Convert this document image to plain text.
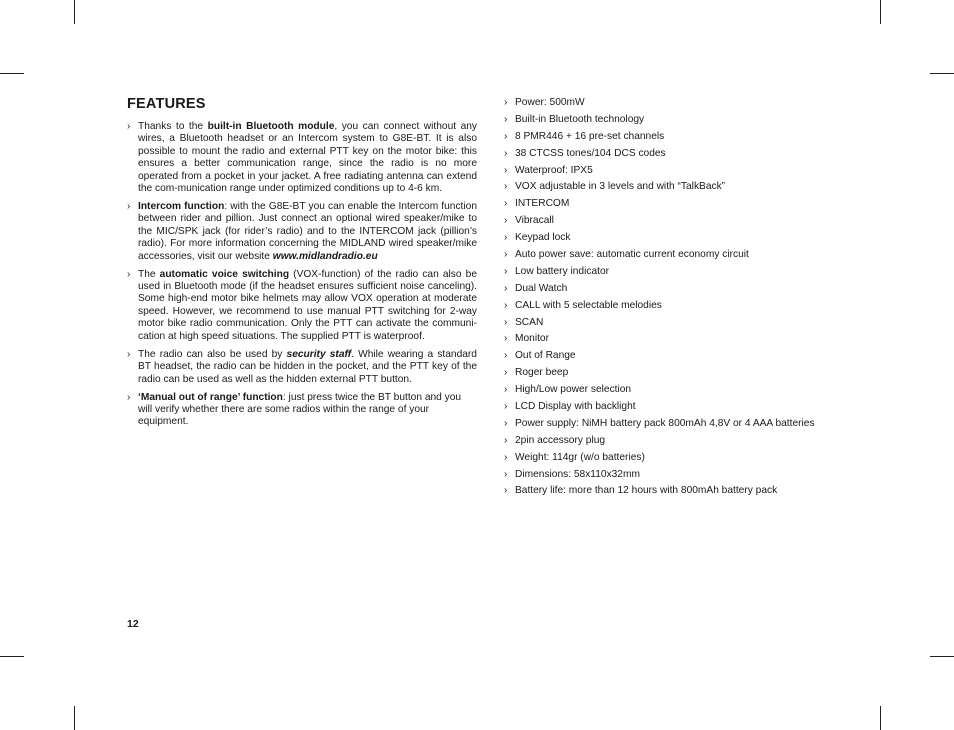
FEATURES
› Thanks to the built-in Bluetooth module, you can connect without any wires, a Bluetooth headset or an Intercom system to G8E-BT. It is also possible to mount the radio and external PTT key on the motor bike: this ensures a better communication range, since the radio is no more operated from a pocket in your jacket. A free radiating antenna can extend the com-munication range under optimized conditions up to 4-6 km.
› Intercom function: with the G8E-BT you can enable the Intercom function between rider and pillion. Just connect an optional wired speaker/mike to the MIC/SPK jack (for rider’s radio) and to the INTERCOM jack (pillion’s radio). For more information concerning the MIDLAND wired speaker/mike accessories, visit our website www.midlandradio.eu
› The automatic voice switching (VOX-function) of the radio can also be used in Bluetooth mode (if the headset ensures sufficient noise canceling). Some high-end motor bike helmets may allow VOX operation at moderate speed. However, we recommend to use manual PTT switching for 2-way motor bike radio communication. Only the PTT can activate the communi-cation at high speed situations. The supplied PTT is waterproof.
› The radio can also be used by security staff. While wearing a standard BT headset, the radio can be hidden in the pocket, and the PTT key of the radio can be used as well as the hidden external PTT button.
› ‘Manual out of range’ function: just press twice the BT button and you will verify whether there are some radios within the range of your equipment.
› Power: 500mW
› Built-in Bluetooth technology
› 8 PMR446 + 16 pre-set channels
› 38 CTCSS tones/104 DCS codes
› Waterproof: IPX5
› VOX adjustable in 3 levels and with “TalkBack”
› INTERCOM
› Vibracall
› Keypad lock
› Auto power save: automatic current economy circuit
› Low battery indicator
› Dual Watch
› CALL with 5 selectable melodies
› SCAN
› Monitor
› Out of Range
› Roger beep
› High/Low power selection
› LCD Display with backlight
› Power supply: NiMH battery pack 800mAh 4,8V or 4 AAA batteries
› 2pin accessory plug
› Weight: 114gr (w/o batteries)
› Dimensions: 58x110x32mm
› Battery life: more than 12 hours with 800mAh battery pack
12
